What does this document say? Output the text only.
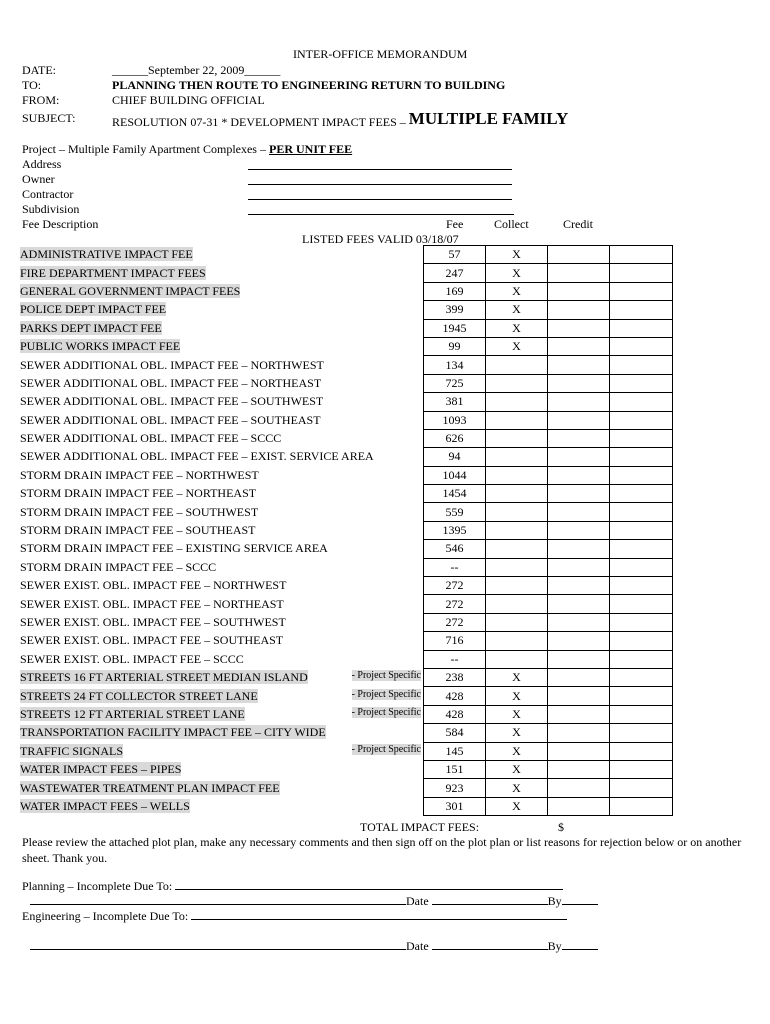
INTER-OFFICE MEMORANDUM
DATE:	______September 22, 2009______
TO:	PLANNING THEN ROUTE TO ENGINEERING RETURN TO BUILDING
FROM:	CHIEF BUILDING OFFICIAL
SUBJECT:	RESOLUTION 07-31 * DEVELOPMENT IMPACT FEES – MULTIPLE FAMILY
Project – Multiple Family Apartment Complexes – PER UNIT FEE
Address
Owner
Contractor
Subdivision
Fee Description	Fee	Collect	Credit
LISTED FEES VALID 03/18/07
ADMINISTRATIVE IMPACT FEE	57	X		
FIRE DEPARTMENT IMPACT FEES	247	X		
GENERAL GOVERNMENT IMPACT FEES	169	X		
POLICE DEPT IMPACT FEE	399	X		
PARKS DEPT IMPACT FEE	1945	X		
PUBLIC WORKS IMPACT FEE	99	X		
SEWER ADDITIONAL OBL. IMPACT FEE – NORTHWEST	134			
SEWER ADDITIONAL OBL. IMPACT FEE – NORTHEAST	725			
SEWER ADDITIONAL OBL. IMPACT FEE – SOUTHWEST	381			
SEWER ADDITIONAL OBL. IMPACT FEE – SOUTHEAST	1093			
SEWER ADDITIONAL OBL. IMPACT FEE – SCCC	626			
SEWER ADDITIONAL OBL. IMPACT FEE – EXIST. SERVICE AREA	94			
STORM DRAIN IMPACT FEE – NORTHWEST	1044			
STORM DRAIN IMPACT FEE – NORTHEAST	1454			
STORM DRAIN IMPACT FEE – SOUTHWEST	559			
STORM DRAIN IMPACT FEE – SOUTHEAST	1395			
STORM DRAIN IMPACT FEE – EXISTING SERVICE AREA	546			
STORM DRAIN IMPACT FEE – SCCC	--			
SEWER EXIST. OBL. IMPACT FEE – NORTHWEST	272			
SEWER EXIST. OBL. IMPACT FEE – NORTHEAST	272			
SEWER EXIST. OBL. IMPACT FEE – SOUTHWEST	272			
SEWER EXIST. OBL. IMPACT FEE – SOUTHEAST	716			
SEWER EXIST. OBL. IMPACT FEE – SCCC	--			
STREETS 16 FT ARTERIAL STREET MEDIAN ISLAND - Project Specific	238	X		
STREETS 24 FT COLLECTOR STREET LANE - Project Specific	428	X		
STREETS 12 FT ARTERIAL STREET LANE - Project Specific	428	X		
TRANSPORTATION FACILITY IMPACT FEE – CITY WIDE	584	X		
TRAFFIC SIGNALS - Project Specific	145	X		
WATER IMPACT FEES – PIPES	151	X		
WASTEWATER TREATMENT PLAN IMPACT FEE	923	X		
WATER IMPACT FEES – WELLS	301	X		
TOTAL IMPACT FEES:	$
Please review the attached plot plan, make any necessary comments and then sign off on the plot plan or list reasons for rejection below or on another sheet. Thank you.
Planning – Incomplete Due To:
Date	By
Engineering – Incomplete Due To:
Date	By
